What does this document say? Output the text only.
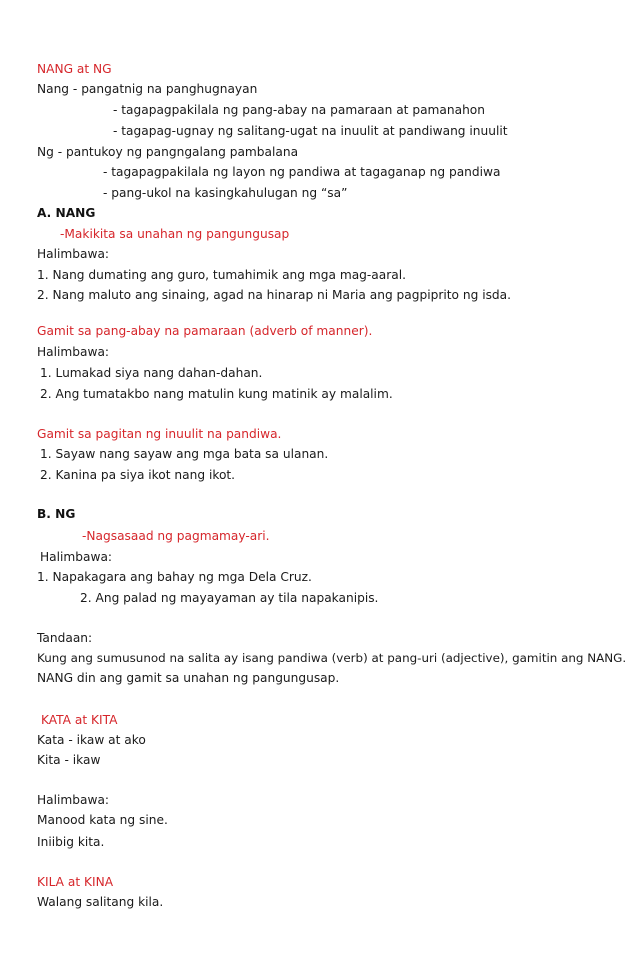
NANG at NG
Nang - pangatnig na panghugnayan
- tagapagpakilala ng pang-abay na pamaraan at pamanahon
- tagapag-ugnay ng salitang-ugat na inuulit at pandiwang inuulit
Ng - pantukoy ng pangngalang pambalana
- tagapagpakilala ng layon ng pandiwa at tagaganap ng pandiwa
- pang-ukol na kasingkahulugan ng “sa”
A. NANG
-Makikita sa unahan ng pangungusap
Halimbawa:
1. Nang dumating ang guro, tumahimik ang mga mag-aaral.
2. Nang maluto ang sinaing, agad na hinarap ni Maria ang pagpiprito ng isda.
Gamit sa pang-abay na pamaraan (adverb of manner).
Halimbawa:
1. Lumakad siya nang dahan-dahan.
2. Ang tumatakbo nang matulin kung matinik ay malalim.
Gamit sa pagitan ng inuulit na pandiwa.
1. Sayaw nang sayaw ang mga bata sa ulanan.
2. Kanina pa siya ikot nang ikot.
B. NG
-Nagsasaad ng pagmamay-ari.
Halimbawa:
1. Napakagara ang bahay ng mga Dela Cruz.
2. Ang palad ng mayayaman ay tila napakanipis.
Tandaan:
Kung ang sumusunod na salita ay isang pandiwa (verb) at pang-uri (adjective), gamitin ang NANG.
NANG din ang gamit sa unahan ng pangungusap.
KATA at KITA
Kata - ikaw at ako
Kita - ikaw
Halimbawa:
Manood kata ng sine.
Iniibig kita.
KILA at KINA
Walang salitang kila.
